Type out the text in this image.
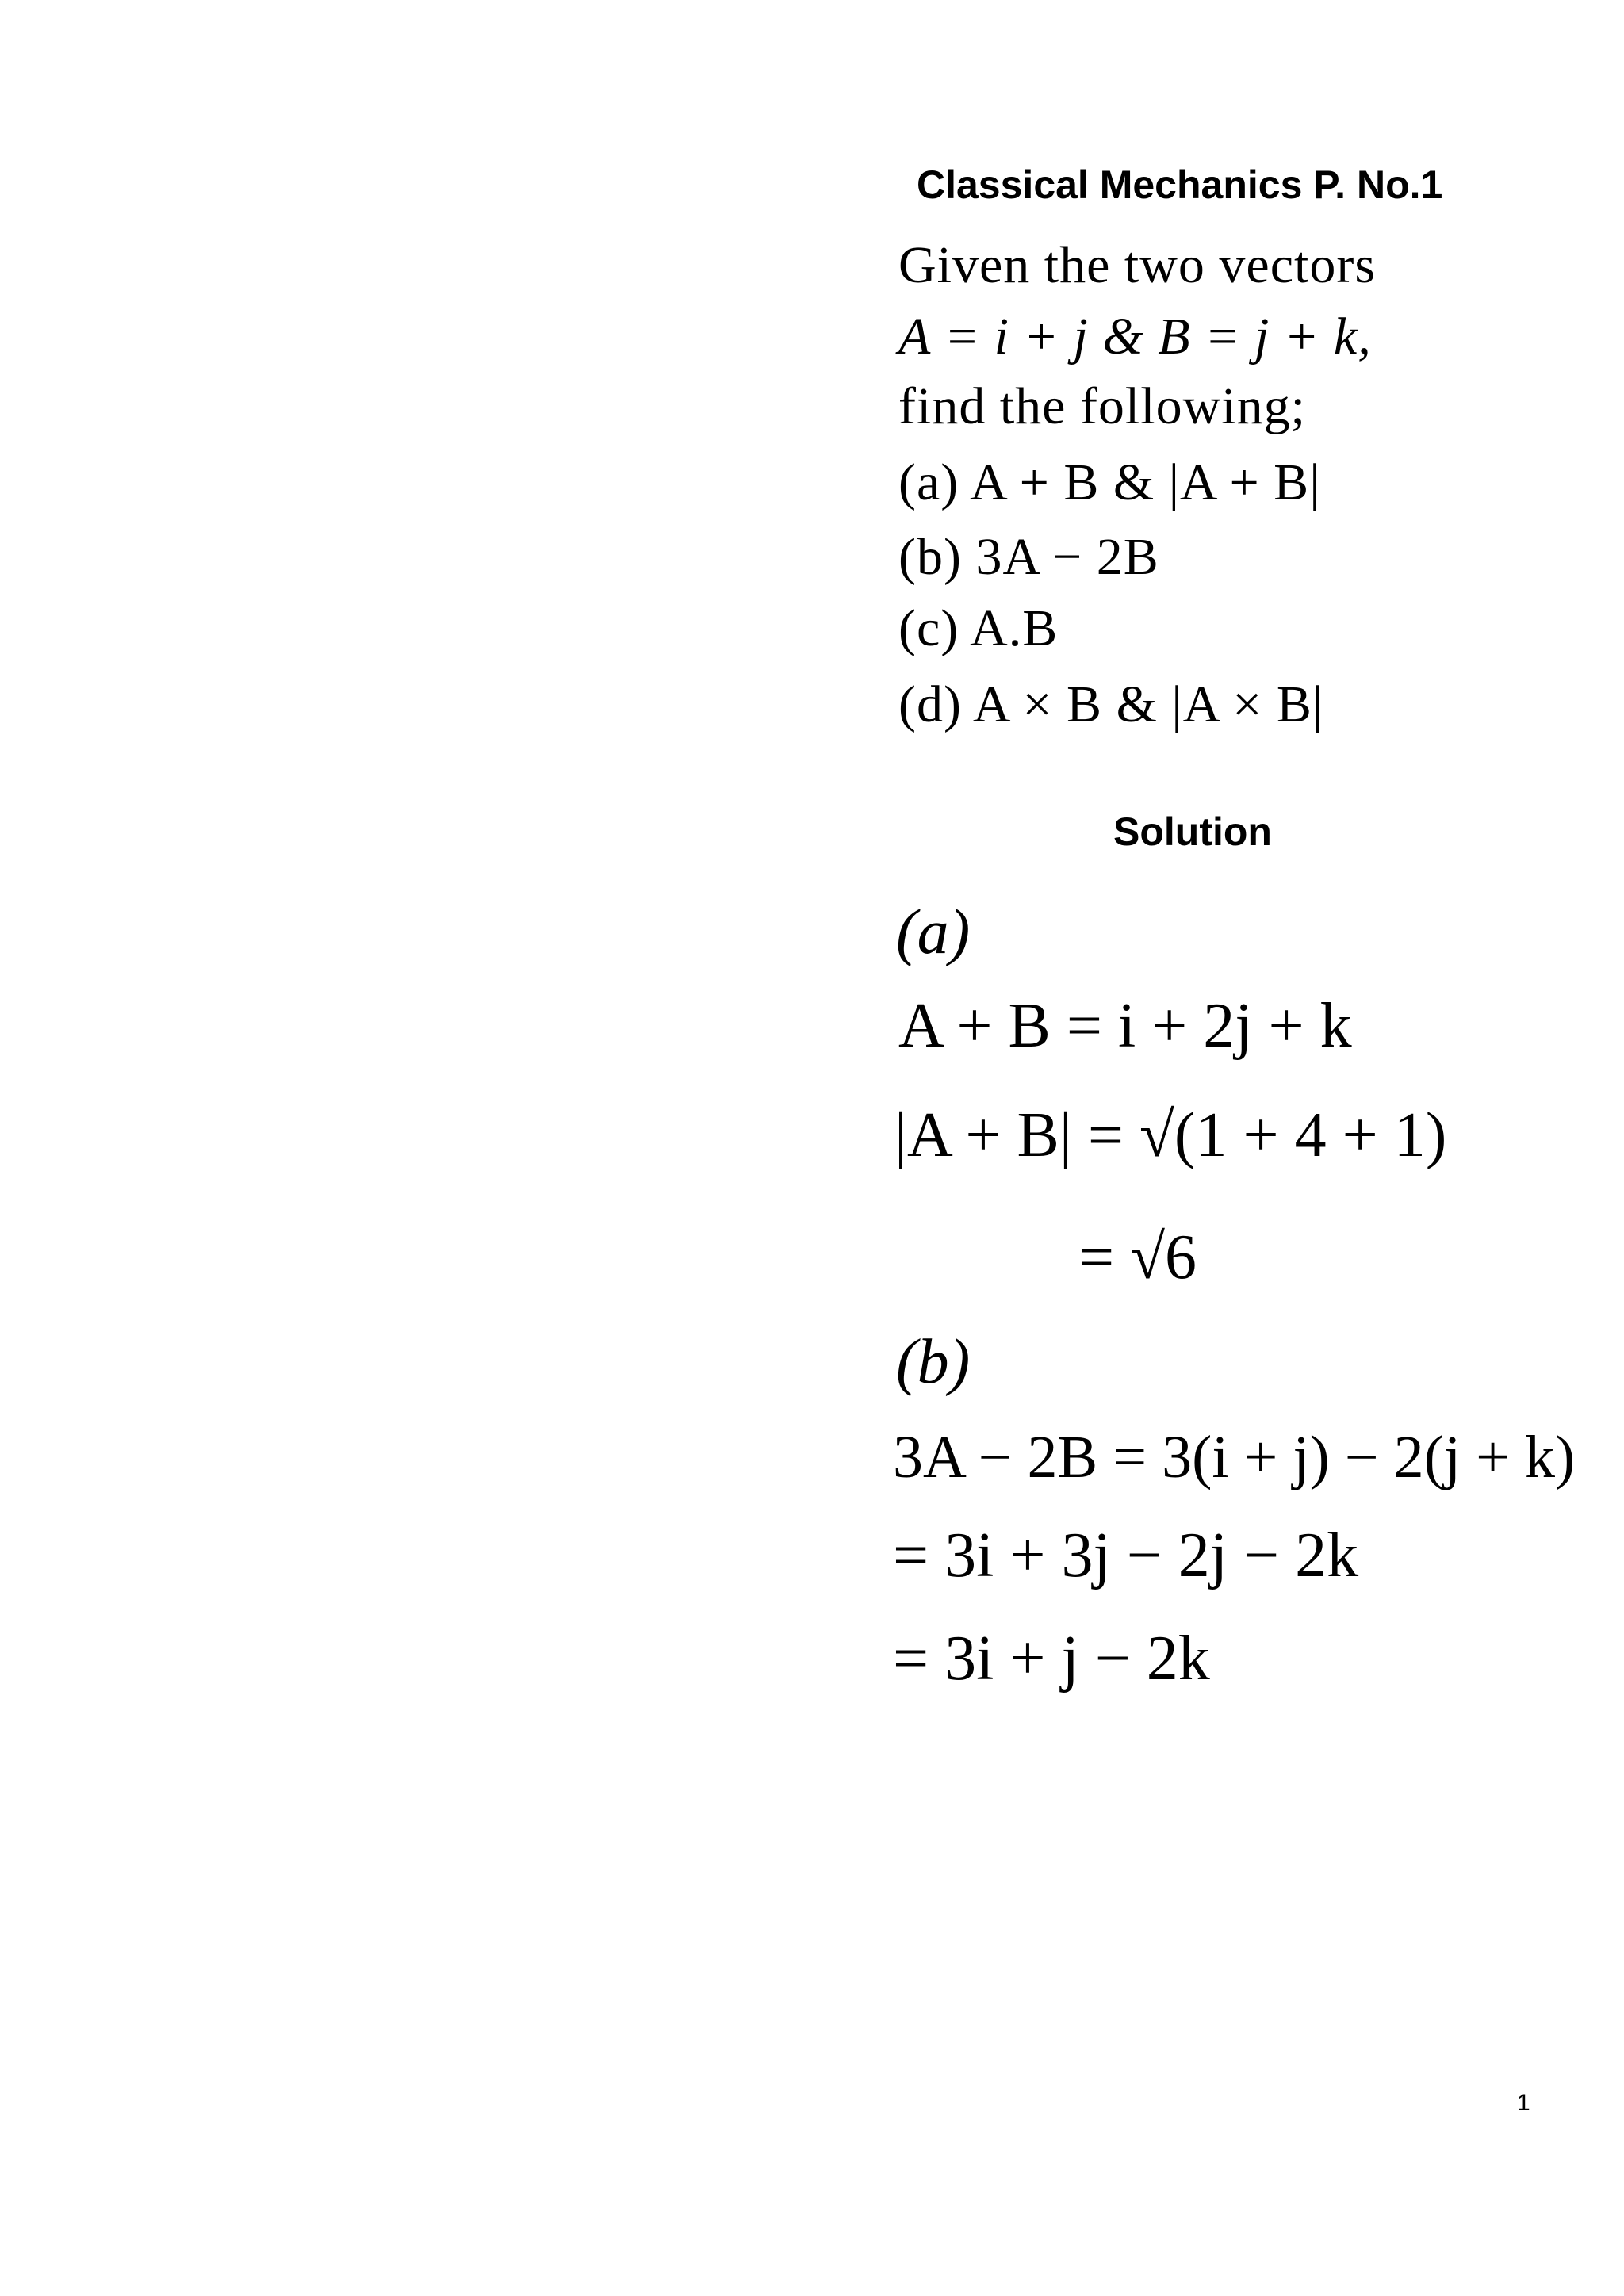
Classical Mechanics P. No.1
Given the two vectors
A = i + j & B = j + k,
find the following;
(a) A + B & |A + B|
(b) 3A − 2B
(c) A.B
(d) A × B & |A × B|
Solution
(a)
A + B = i + 2j + k
|A + B| = √(1 + 4 + 1)
= √6
(b)
3A − 2B = 3(i + j) − 2(j + k)
= 3i + 3j − 2j − 2k
= 3i + j − 2k
1
